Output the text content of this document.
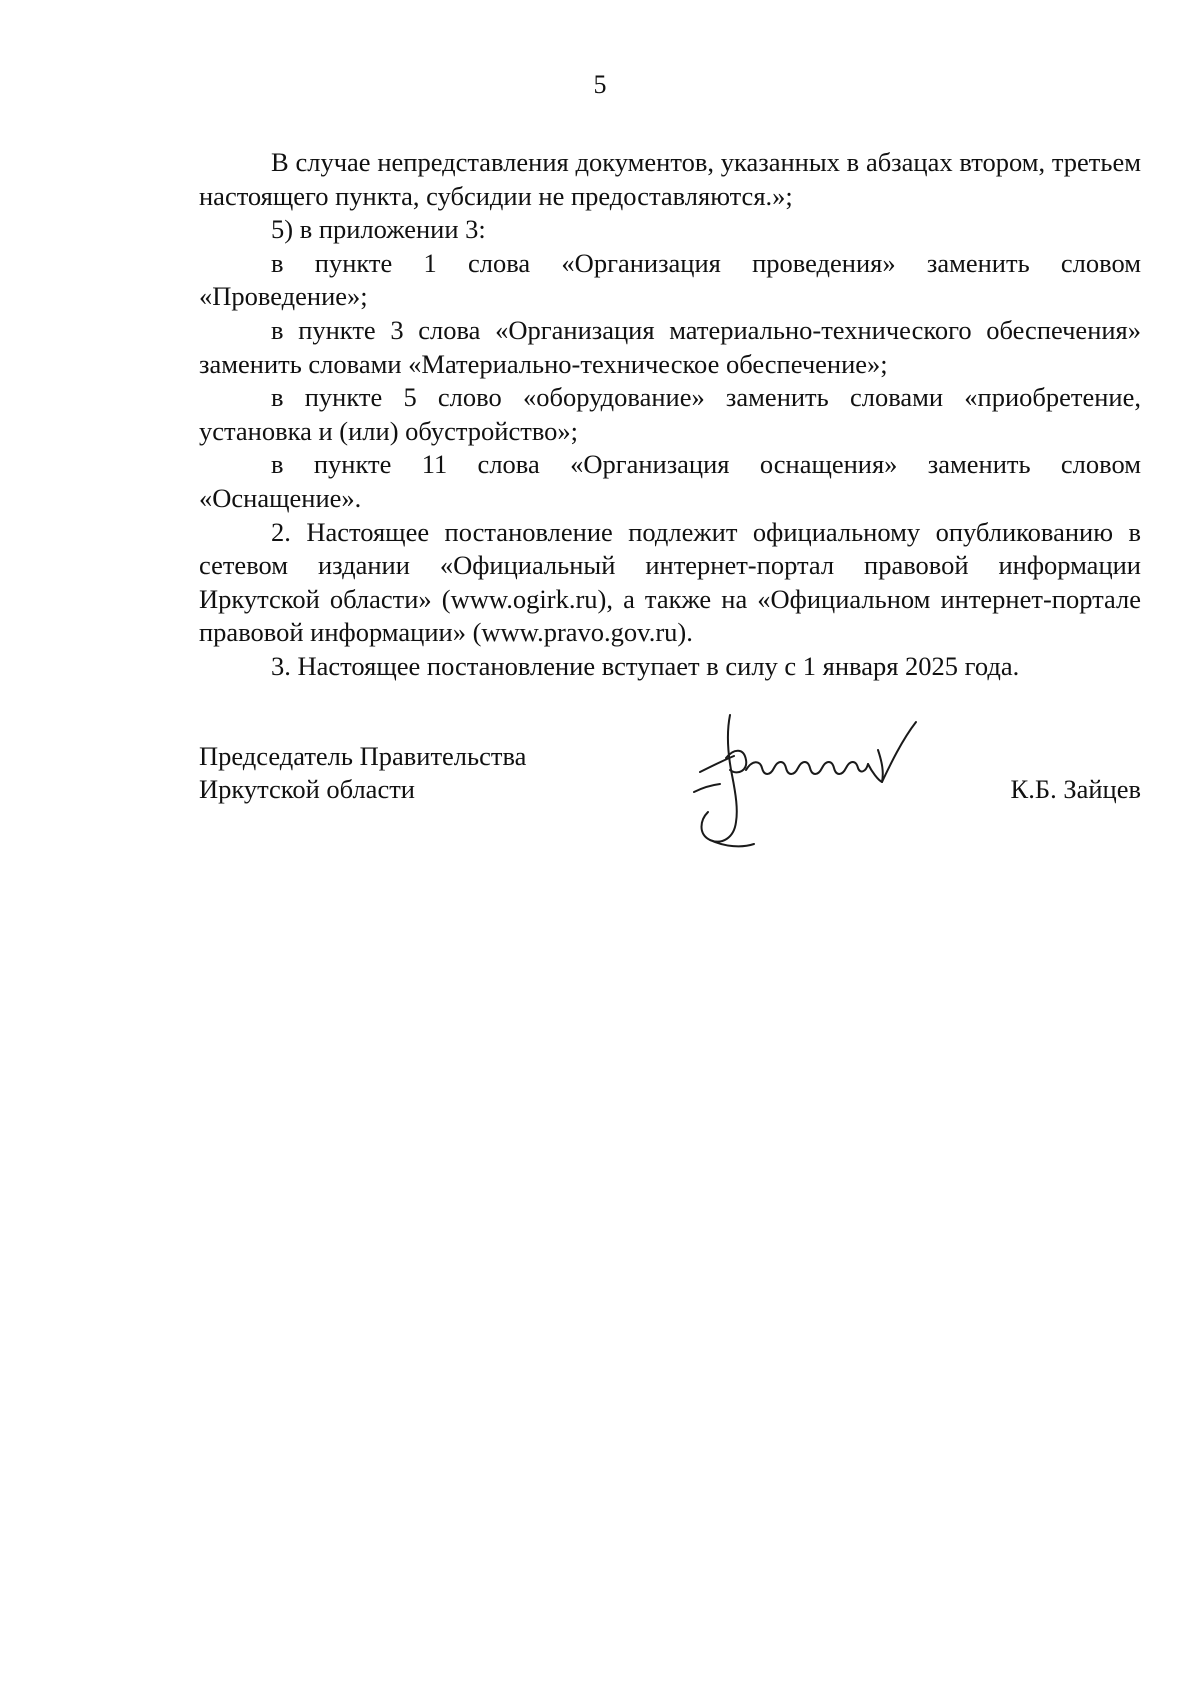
5

В случае непредставления документов, указанных в абзацах втором, третьем настоящего пункта, субсидии не предоставляются.»;

5) в приложении 3:

в пункте 1 слова «Организация проведения» заменить словом «Проведение»;

в пункте 3 слова «Организация материально-технического обеспечения» заменить словами «Материально-техническое обеспечение»;

в пункте 5 слово «оборудование» заменить словами «приобретение, установка и (или) обустройство»;

в пункте 11 слова «Организация оснащения» заменить словом «Оснащение».

2. Настоящее постановление подлежит официальному опубликованию в сетевом издании «Официальный интернет-портал правовой информации Иркутской области» (www.ogirk.ru), а также на «Официальном интернет-портале правовой информации» (www.pravo.gov.ru).

3. Настоящее постановление вступает в силу с 1 января 2025 года.

Председатель Правительства
Иркутской области	К.Б. Зайцев
